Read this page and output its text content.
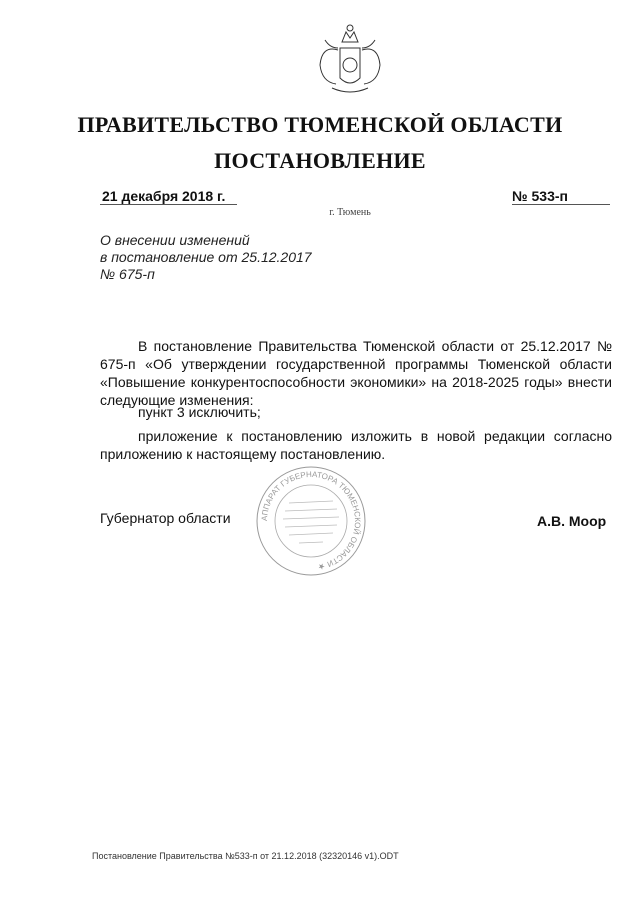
ПРАВИТЕЛЬСТВО ТЮМЕНСКОЙ ОБЛАСТИ
ПОСТАНОВЛЕНИЕ
21 декабря 2018 г.	№ 533-п
г. Тюмень
О внесении изменений
в постановление от 25.12.2017
№ 675-п
В постановление Правительства Тюменской области от 25.12.2017 № 675-п «Об утверждении государственной программы Тюменской области «Повышение конкурентоспособности экономики» на 2018-2025 годы» внести следующие изменения:
пункт 3 исключить;
приложение к постановлению изложить в новой редакции согласно приложению к настоящему постановлению.
Губернатор области	А.В. Моор
АППАРАТ ГУБЕРНАТОРА ТЮМЕНСКОЙ ОБЛАСТИ ★
Постановление Правительства №533-п от 21.12.2018 (32320146 v1).ODT
